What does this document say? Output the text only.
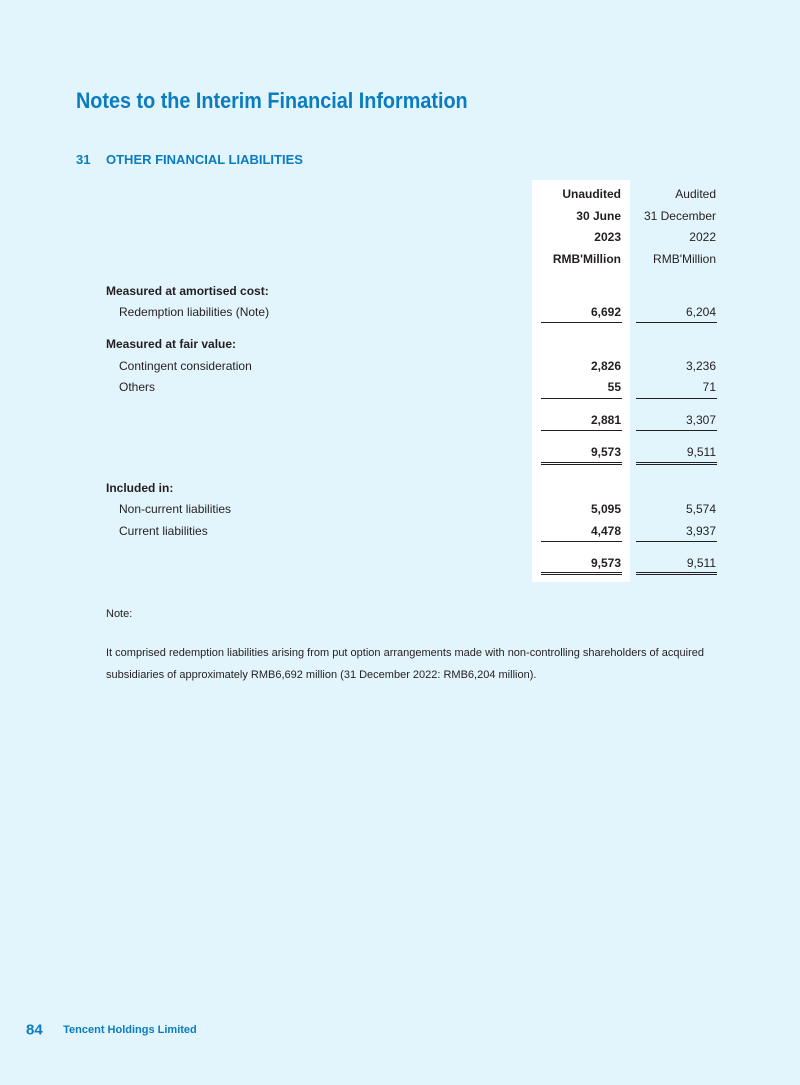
Notes to the Interim Financial Information
31 OTHER FINANCIAL LIABILITIES
Unaudited	Audited
30 June 31 December
2023	2022
RMB'Million	RMB'Million
Measured at amortised cost:
Redemption liabilities (Note)	6,692	6,204
Measured at fair value:
Contingent consideration	2,826	3,236
Others	55	71
2,881	3,307
9,573	9,511
Included in:
Non-current liabilities	5,095	5,574
Current liabilities	4,478	3,937
9,573	9,511
Note:
It comprised redemption liabilities arising from put option arrangements made with non-controlling shareholders of acquired subsidiaries of approximately RMB6,692 million (31 December 2022: RMB6,204 million).
84 Tencent Holdings Limited
